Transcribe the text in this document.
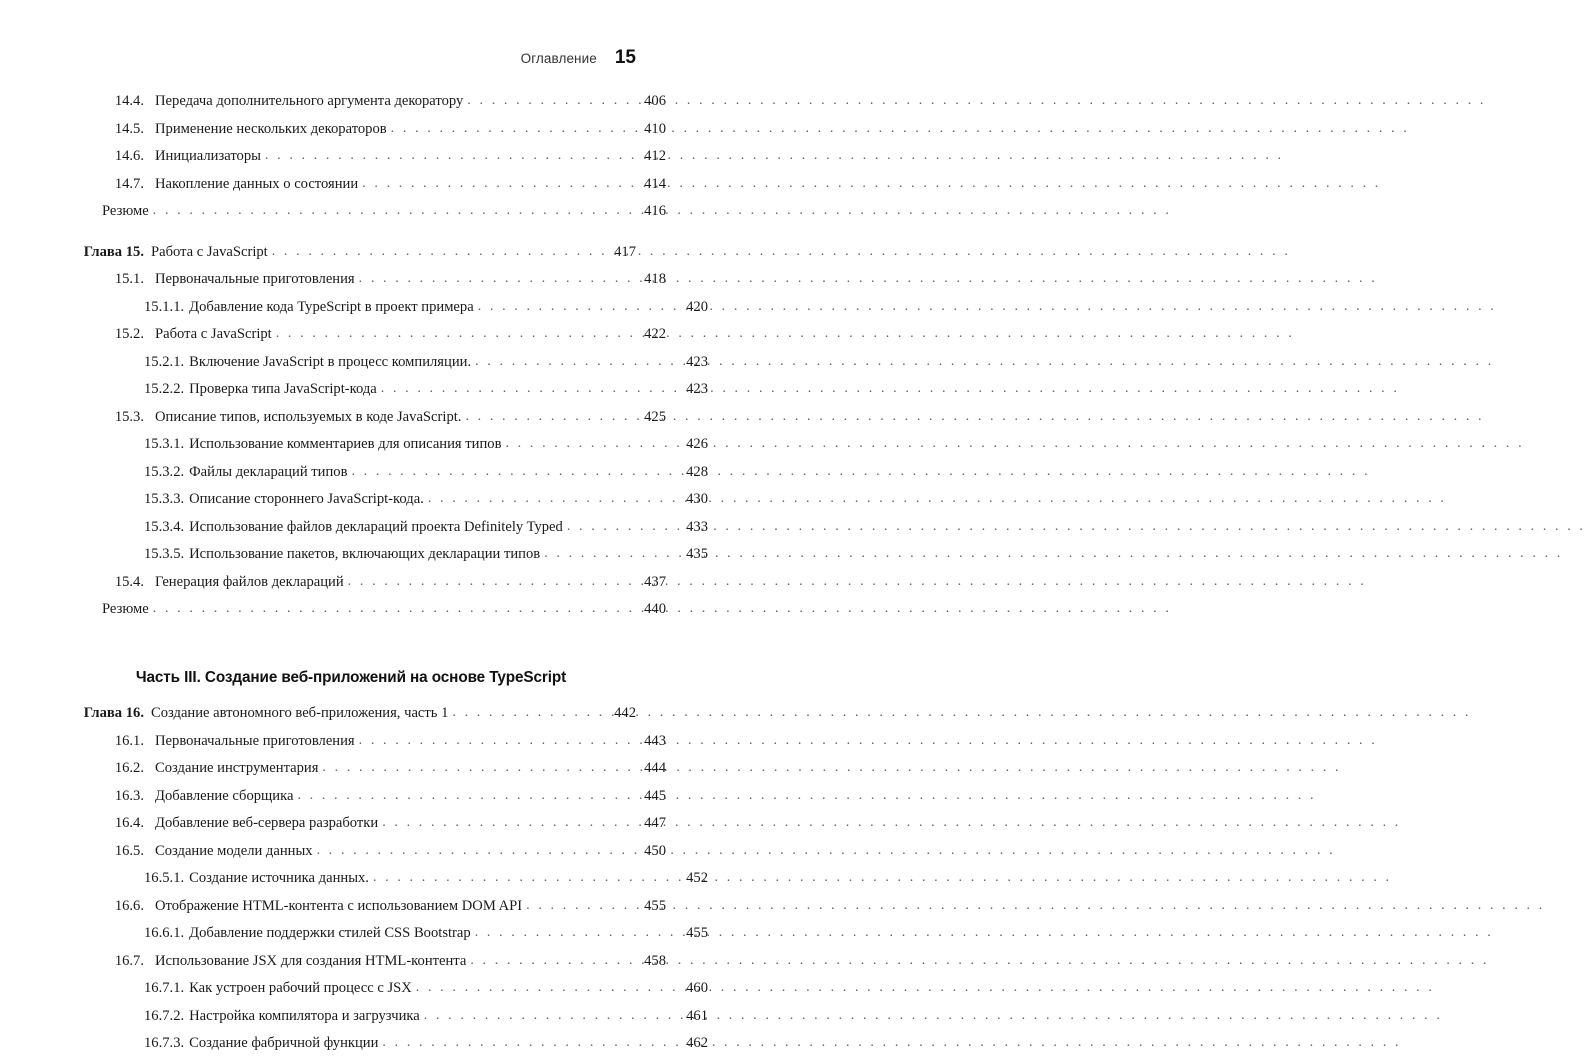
Оглавление 15
14.4. Передача дополнительного аргумента декоратору . . .	406
14.5. Применение нескольких декораторов . . .	410
14.6. Инициализаторы . . .	412
14.7. Накопление данных о состоянии . . .	414
Резюме . . .	416
Глава 15. Работа с JavaScript . . .	417
15.1. Первоначальные приготовления . . .	418
15.1.1. Добавление кода TypeScript в проект примера . . .	420
15.2. Работа с JavaScript . . .	422
15.2.1. Включение JavaScript в процесс компиляции. . . .	423
15.2.2. Проверка типа JavaScript-кода . . .	423
15.3. Описание типов, используемых в коде JavaScript. . . .	425
15.3.1. Использование комментариев для описания типов . . .	426
15.3.2. Файлы деклараций типов . . .	428
15.3.3. Описание стороннего JavaScript-кода. . . .	430
15.3.4. Использование файлов деклараций проекта Definitely Typed . . .	433
15.3.5. Использование пакетов, включающих декларации типов . . .	435
15.4. Генерация файлов деклараций . . .	437
Резюме . . .	440
Часть III. Создание веб-приложений на основе TypeScript
Глава 16. Создание автономного веб-приложения, часть 1 . . .	442
16.1. Первоначальные приготовления . . .	443
16.2. Создание инструментария . . .	444
16.3. Добавление сборщика . . .	445
16.4. Добавление веб-сервера разработки . . .	447
16.5. Создание модели данных . . .	450
16.5.1. Создание источника данных. . . .	452
16.6. Отображение HTML-контента с использованием DOM API . . .	455
16.6.1. Добавление поддержки стилей CSS Bootstrap . . .	455
16.7. Использование JSX для создания HTML-контента . . .	458
16.7.1. Как устроен рабочий процесс с JSX . . .	460
16.7.2. Настройка компилятора и загрузчика . . .	461
16.7.3. Создание фабричной функции . . .	462
